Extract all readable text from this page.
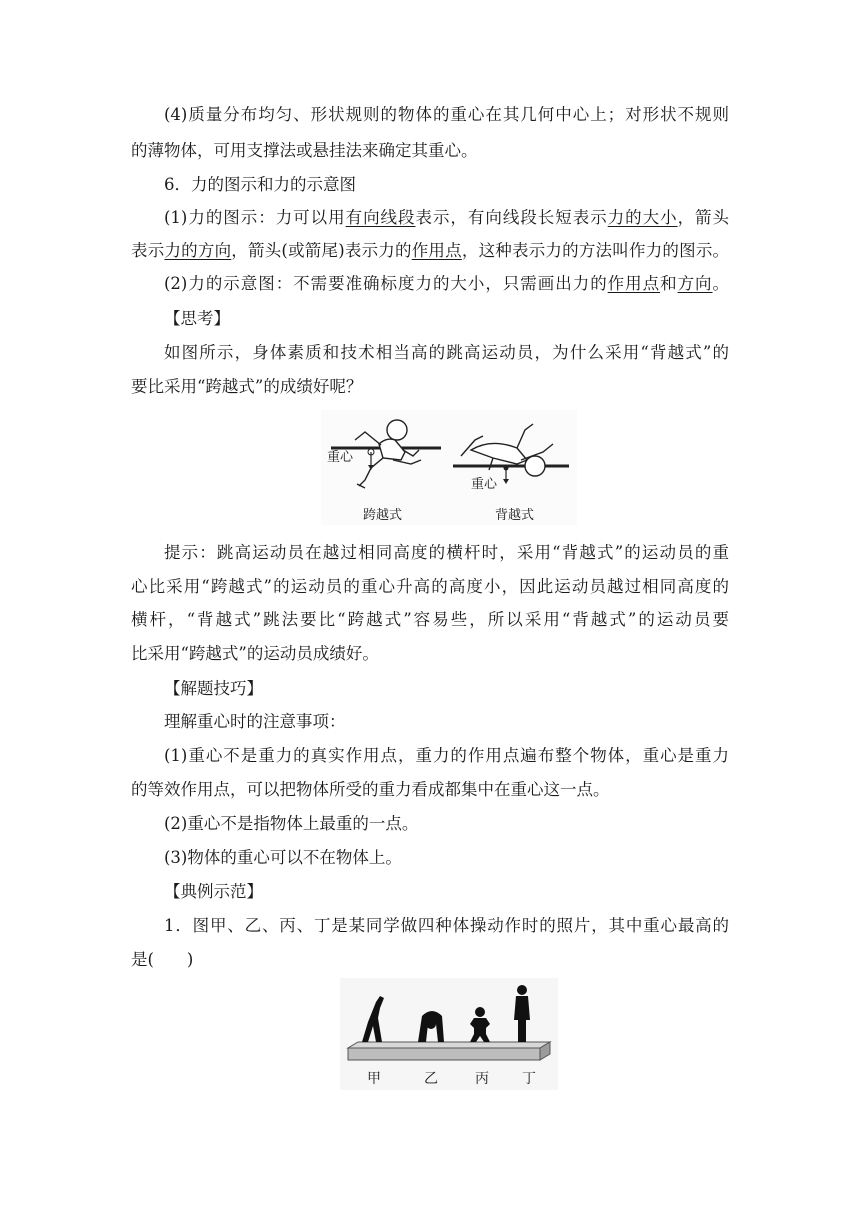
(4)质量分布均匀、形状规则的物体的重心在其几何中心上；对形状不规则
的薄物体，可用支撑法或悬挂法来确定其重心。
6．力的图示和力的示意图
(1)力的图示：力可以用有向线段表示，有向线段长短表示力的大小，箭头
表示力的方向，箭头(或箭尾)表示力的作用点，这种表示力的方法叫作力的图示。
(2)力的示意图：不需要准确标度力的大小，只需画出力的作用点和方向。
【思考】
如图所示，身体素质和技术相当高的跳高运动员，为什么采用“背越式”的
要比采用“跨越式”的成绩好呢？
重心
重心
跨越式	背越式
提示：跳高运动员在越过相同高度的横杆时，采用“背越式”的运动员的重
心比采用“跨越式”的运动员的重心升高的高度小，因此运动员越过相同高度的
横杆，“背越式”跳法要比“跨越式”容易些，所以采用“背越式”的运动员要
比采用“跨越式”的运动员成绩好。
【解题技巧】
理解重心时的注意事项：
(1)重心不是重力的真实作用点，重力的作用点遍布整个物体，重心是重力
的等效作用点，可以把物体所受的重力看成都集中在重心这一点。
(2)重心不是指物体上最重的一点。
(3)物体的重心可以不在物体上。
【典例示范】
1．图甲、乙、丙、丁是某同学做四种体操动作时的照片，其中重心最高的
是(　　)
甲	乙	丙 丁
